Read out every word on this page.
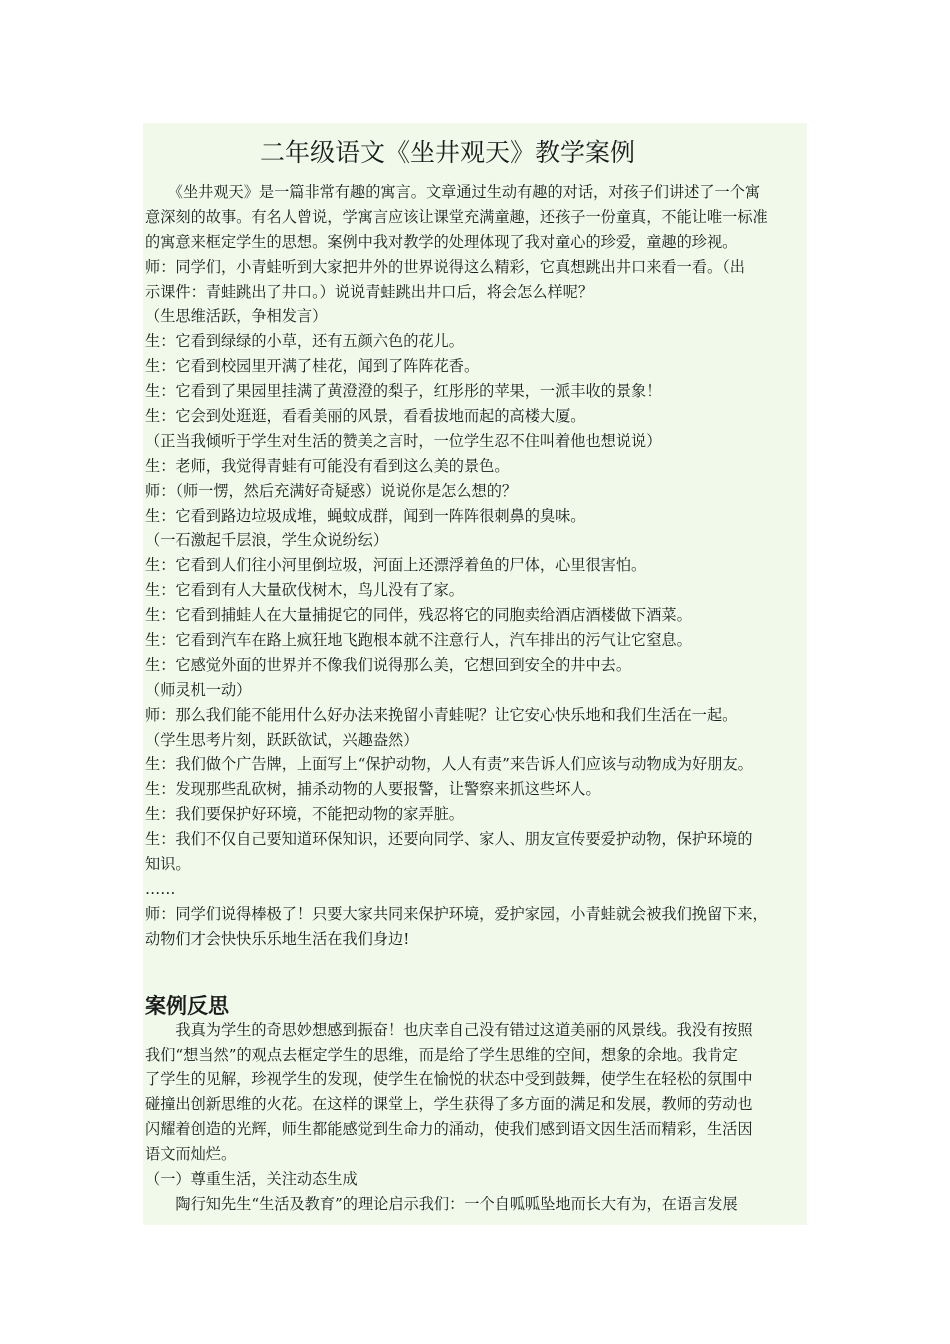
二年级语文《坐井观天》教学案例

　　《坐井观天》是一篇非常有趣的寓言。文章通过生动有趣的对话，对孩子们讲述了一个寓

意深刻的故事。有名人曾说，学寓言应该让课堂充满童趣，还孩子一份童真，不能让唯一标准

的寓意来框定学生的思想。案例中我对教学的处理体现了我对童心的珍爱，童趣的珍视。

师：同学们，小青蛙听到大家把井外的世界说得这么精彩，它真想跳出井口来看一看。（出

示课件：青蛙跳出了井口。）说说青蛙跳出井口后，将会怎么样呢？

（生思维活跃，争相发言）

生：它看到绿绿的小草，还有五颜六色的花儿。

生：它看到校园里开满了桂花，闻到了阵阵花香。

生：它看到了果园里挂满了黄澄澄的梨子，红彤彤的苹果，一派丰收的景象！

生：它会到处逛逛，看看美丽的风景，看看拔地而起的高楼大厦。

（正当我倾听于学生对生活的赞美之言时，一位学生忍不住叫着他也想说说）

生：老师，我觉得青蛙有可能没有看到这么美的景色。

师：（师一愣，然后充满好奇疑惑）说说你是怎么想的？

生：它看到路边垃圾成堆，蝇蚊成群，闻到一阵阵很刺鼻的臭味。

（一石激起千层浪，学生众说纷纭）

生：它看到人们往小河里倒垃圾，河面上还漂浮着鱼的尸体，心里很害怕。

生：它看到有人大量砍伐树木，鸟儿没有了家。

生：它看到捕蛙人在大量捕捉它的同伴，残忍将它的同胞卖给酒店酒楼做下酒菜。

生：它看到汽车在路上疯狂地飞跑根本就不注意行人，汽车排出的污气让它窒息。

生：它感觉外面的世界并不像我们说得那么美，它想回到安全的井中去。

（师灵机一动）

师：那么我们能不能用什么好办法来挽留小青蛙呢？让它安心快乐地和我们生活在一起。

（学生思考片刻，跃跃欲试，兴趣盎然）

生：我们做个广告牌，上面写上“保护动物，人人有责”来告诉人们应该与动物成为好朋友。

生：发现那些乱砍树，捕杀动物的人要报警，让警察来抓这些坏人。

生：我们要保护好环境，不能把动物的家弄脏。

生：我们不仅自己要知道环保知识，还要向同学、家人、朋友宣传要爱护动物，保护环境的

知识。

……

师：同学们说得棒极了！只要大家共同来保护环境，爱护家园，小青蛙就会被我们挽留下来，

动物们才会快快乐乐地生活在我们身边!

案例反思

　　我真为学生的奇思妙想感到振奋！也庆幸自己没有错过这道美丽的风景线。我没有按照

我们“想当然”的观点去框定学生的思维，而是给了学生思维的空间，想象的余地。我肯定

了学生的见解，珍视学生的发现，使学生在愉悦的状态中受到鼓舞，使学生在轻松的氛围中

碰撞出创新思维的火花。在这样的课堂上，学生获得了多方面的满足和发展，教师的劳动也

闪耀着创造的光辉，师生都能感觉到生命力的涌动，使我们感到语文因生活而精彩，生活因

语文而灿烂。

（一）尊重生活，关注动态生成

　　陶行知先生“生活及教育”的理论启示我们：一个自呱呱坠地而长大有为，在语言发展
